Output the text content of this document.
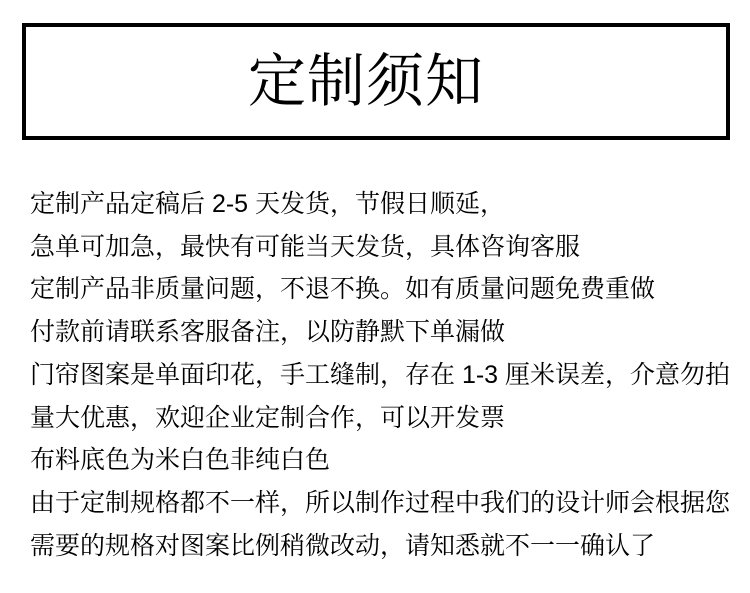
定制须知
定制产品定稿后 2-5 天发货，节假日顺延，
急单可加急，最快有可能当天发货，具体咨询客服
定制产品非质量问题，不退不换。如有质量问题免费重做
付款前请联系客服备注，以防静默下单漏做
门帘图案是单面印花，手工缝制，存在 1-3 厘米误差，介意勿拍
量大优惠，欢迎企业定制合作，可以开发票
布料底色为米白色非纯白色
由于定制规格都不一样，所以制作过程中我们的设计师会根据您
需要的规格对图案比例稍微改动，请知悉就不一一确认了
